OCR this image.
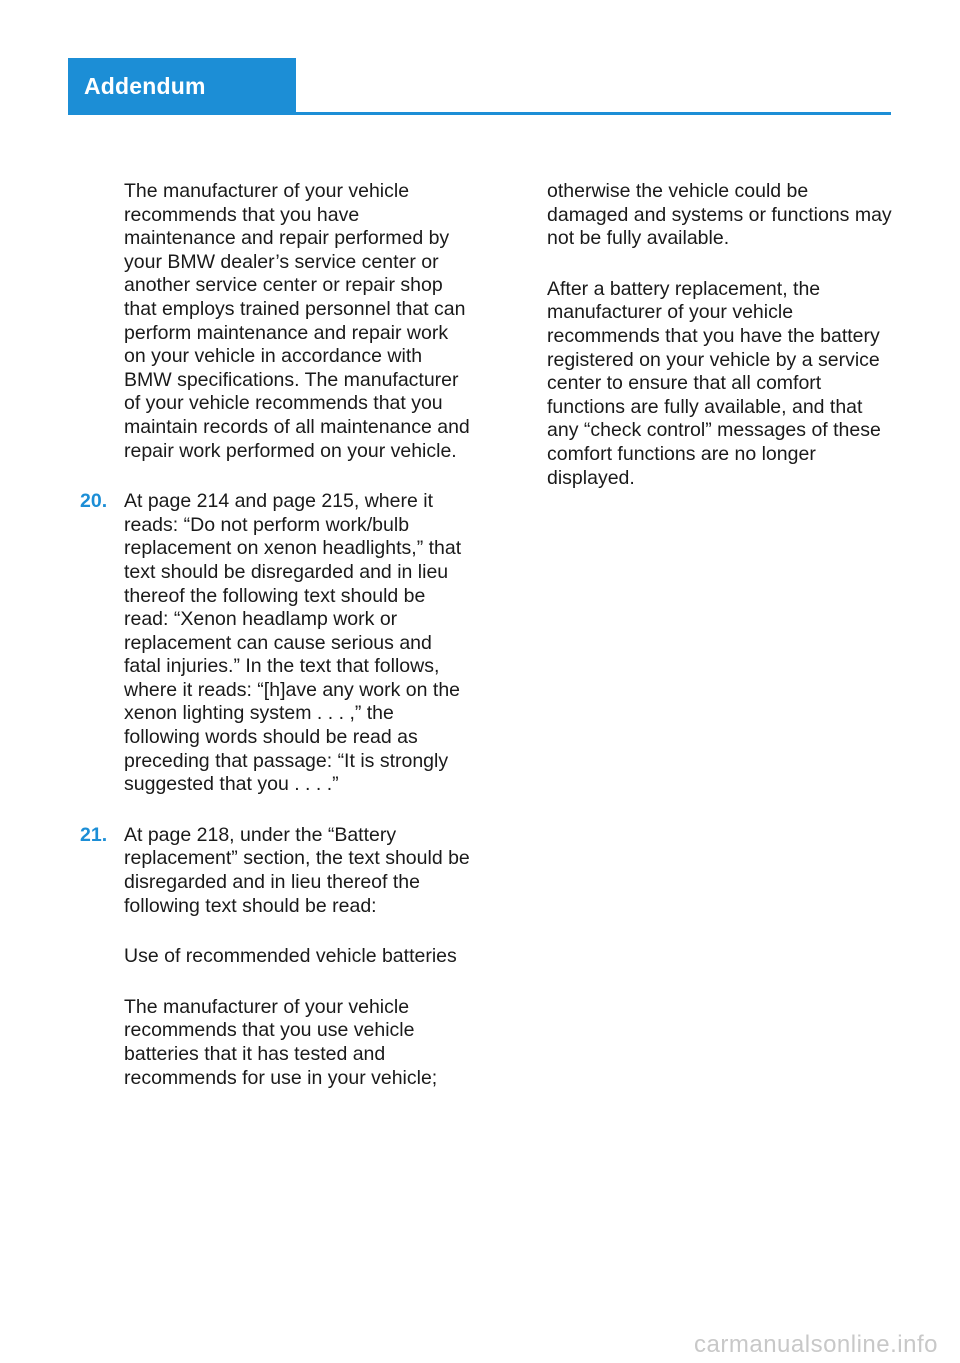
Addendum

The manufacturer of your vehicle recommends that you have maintenance and repair performed by your BMW dealer’s service center or another service center or repair shop that employs trained personnel that can perform maintenance and repair work on your vehicle in accordance with BMW specifications. The manufacturer of your vehicle recommends that you maintain records of all maintenance and repair work performed on your vehicle.

20. At page 214 and page 215, where it reads: “Do not perform work/bulb replacement on xenon headlights,” that text should be disregarded and in lieu thereof the following text should be read: “Xenon headlamp work or replacement can cause serious and fatal injuries.” In the text that follows, where it reads: “[h]ave any work on the xenon lighting system . . . ,” the following words should be read as preceding that passage: “It is strongly suggested that you . . . .”
21. At page 218, under the “Battery replacement” section, the text should be disregarded and in lieu thereof the following text should be read:

Use of recommended vehicle batteries

The manufacturer of your vehicle recommends that you use vehicle batteries that it has tested and recommends for use in your vehicle;

otherwise the vehicle could be damaged and systems or functions may not be fully available.

After a battery replacement, the manufacturer of your vehicle recommends that you have the battery registered on your vehicle by a service center to ensure that all comfort functions are fully available, and that any “check control” messages of these comfort functions are no longer displayed.

carmanualsonline.info
